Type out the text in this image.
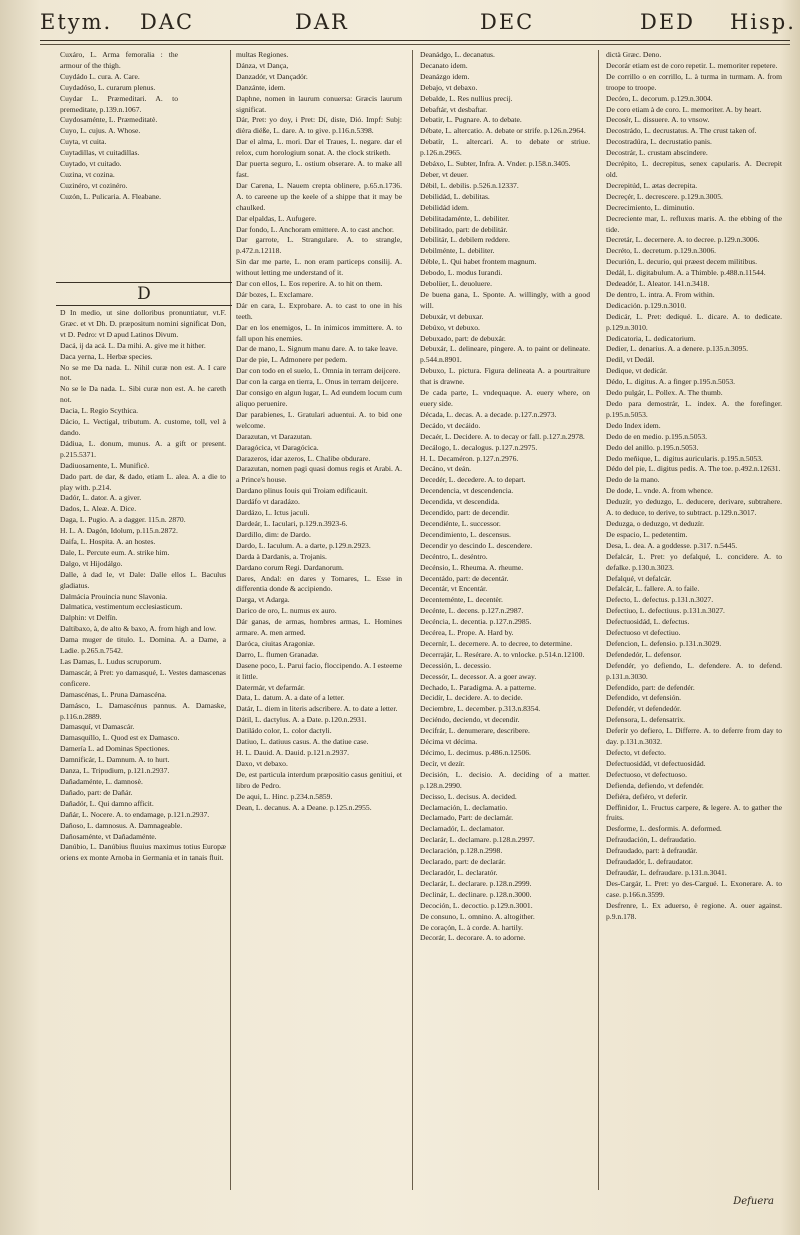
Etym. DAC	DAR	DEC	DED Hisp.

Cuxáro, L. Arma femoralia : the armour of the thigh.

Cuydádo L. cura. A. Care.

Cuydadóso, L. curarum plenus.

Cuydar L. Præmeditari. A. to premeditate, p.139.n.1067.

Cuydosaménte, L. Præmeditatè.

Cuyo, L. cujus. A. Whose.

Cuyta, vt cuita.

Cuytadillas, vt cuitadillas.

Cuytado, vt cuitado.

Cuzina, vt cozina.

Cuzinéro, vt cozinéro.

Cuzón, L. Pulicaria. A. Fleabane.

D

D In medio, ut sine dolloribus pronuntiatur, vt.F. Græc. et vt Dh. D. præpositum nomini significat Don, vt D. Pedro: vt D apud Latinos Divum.

Dacá, ij da acá. L. Da mihi. A. give me it hither.

Daca yerna, L. Herbæ species.

No se me Da nada. L. Nihil curæ non est. A. I care not.

No se le Da nada. L. Sibi curæ non est. A. he careth not.

Dacia, L. Regio Scythica.

Dácio, L. Vectigal, tributum. A. custome, toll, vel à dando.

Dádiua, L. donum, munus. A. a gift or present. p.215.5371.

Dadiuosamente, L. Munificè.

Dado part. de dar, & dado, etiam L. alea. A. a die to play with. p.214.

Dadór, L. dator. A. a giver.

Dados, L. Aleæ. A. Dice.

Daga, L. Pugio. A. a dagger. 115.n. 2870.

H. L. A. Dagón, Idolum, p.115.n.2872.

Daifa, L. Hospita. A. an hostes.

Dale, L. Percute eum. A. strike him.

Dalgo, vt Hijodálgo.

Dalle, à dad le, vt Dale: Dalle ellos L. Baculus gladiatus.

Dalmácia Prouincia nunc Slavonia.

Dalmatica, vestimentum ecclesiasticum.

Dalphin: vt Delfín.

Daltibaxo, à, de alto & baxo, A. from high and low.

Dama muger de titulo. L. Domina. A. a Dame, a Ladie. p.265.n.7542.

Las Damas, L. Ludus scruporum.

Damascár, à Pret: yo damasqué, L. Vestes damascenas conficere.

Damascénas, L. Pruna Damascéna.

Damásco, L. Damascénus pannus. A. Damaske, p.116.n.2889.

Damasquí, vt Damascár.

Damasquíllo, L. Quod est ex Damasco.

Damería L. ad Dominas Spectiones.

Damnificár, L. Damnum. A. to hurt.

Danza, L. Tripudium, p.121.n.2937.

Dañadaménte, L. damnosè.

Dañado, part: de Dañár.

Dañadór, L. Qui damno afficit.

Dañár, L. Nocere. A. to endamage, p.121.n.2937.

Dañoso, L. damnosus. A. Damnageable.

Dañosaménte, vt Dañadaménte.

Danúbio, L. Danúbius fluuius maximus totius Europæ oriens ex monte Arnoba in Germania et in tanais fluit.

multas Regiones.

Dánza, vt Dança,

Danzadór, vt Dançadór.

Danzánte, idem.

Daphne, nomen in laurum conuersa: Græcis laurum significat.

Dár, Pret: yo doy, i Pret: Dí, diste, Dió. Impf: Subj: dièra diéße, L. dare. A. to give. p.116.n.5398.

Dar el alma, L. mori. Dar el Traues, L. negare. dar el relox, cum horologium sonat. A. the clock striketh.

Dar puerta seguro, L. ostium obserare. A. to make all fast.

Dar Carena, L. Nauem crepta oblinere, p.65.n.1736. A. to careene up the keele of a shippe that it may be chaulked.

Dar elpaldas, L. Aufugere.

Dar fondo, L. Anchoram emittere. A. to cast anchor.

Dar garrote, L. Strangulare. A. to strangle, p.472.n.12118.

Sin dar me parte, L. non eram particeps consilij. A. without letting me understand of it.

Dar con ellos, L. Eos reperire. A. to hit on them.

Dár bozes, L. Exclamare.

Dár en cara, L. Exprobare. A. to cast to one in his teeth.

Dar en los enemigos, L. In inimicos immittere. A. to fall upon his enemies.

Dar de mano, L. Signum manu dare. A. to take leave.

Dar de pie, L. Admonere per pedem.

Dar con todo en el suelo, L. Omnia in terram deijcere.

Dar con la carga en tierra, L. Onus in terram deijcere.

Dar consigo en algun lugar, L. Ad eundem locum cum aliquo peruenire.

Dar parabienes, L. Gratulari aduentui. A. to bid one welcome.

Darazutan, vt Darazutan.

Daragócica, vt Daragócica.

Darazeros, idar azeros, L. Chalibe obdurare.

Darazutan, nomen pagi quasi domus regis et Arabi. A. a Prince's house.

Dardano plinus Iouis qui Troiam edificauit.

Dardáfo vt daradázo.

Dardázo, L. Ictus jaculi.

Dardeár, L. Iaculari, p.129.n.3923-6.

Dardillo, dim: de Dardo.

Dardo, L. Iaculum. A. a darte, p.129.n.2923.

Darda à Dardanis, a. Trojanis.

Dardano corum Regi. Dardanorum.

Dares, Andal: en dares y Tomares, L. Esse in differentia donde & accipiendo.

Darga, vt Adarga.

Darico de oro, L. numus ex auro.

Dár ganas, de armas, hombres armas, L. Homines armare. A. men armed.

Daróca, ciuitas Aragoniæ.

Darro, L. flumen Granadæ.

Dasene poco, L. Parui facio, floccipendo. A. I esteeme it little.

Datermár, vt defarmár.

Data, L. datum. A. a date of a letter.

Datár, L. diem in literis adscribere. A. to date a letter.

Dátil, L. dactylus. A. a Date. p.120.n.2931.

Datiládo color, L. color dactyli.

Datiuo, L. datiuus casus. A. the datiue case.

H. L. Dauid. A. Dauid. p.121.n.2937.

Daxo, vt debaxo.

De, est particula interdum præpositio casus genitiui, et libro de Pedro.

De aqui, L. Hinc. p.234.n.5859.

Dean, L. decanus. A. a Deane. p.125.n.2955.

Deanádgo, L. decanatus.

Decanato idem.

Deanázgo idem.

Debajo, vt debaxo.

Debalde, L. Res nullius precij.

Debaftár, vt desbaftar.

Debatir, L. Pugnare. A. to debate.

Débate, L. altercatio. A. debate or strife. p.126.n.2964.

Debatír, L. altercari. A. to debate or striue. p.126.n.2965.

Debáxo, L. Subter, Infra. A. Vnder. p.158.n.3405.

Deber, vt deuer.

Débil, L. debilis. p.526.n.12337.

Debilidád, L. debilitas.

Debilidád idem.

Debilitadaménte, L. debiliter.

Debilitado, part: de debilitár.

Debilitár, L. debilem reddere.

Debilménte, L. debiliter.

Déble, L. Qui habet frontem magnum.

Debodo, L. modus Iurandi.

Debolüer, L. deuoluere.

De buena gana, L. Sponte. A. willingly, with a good will.

Debuxár, vt debuxar.

Debúxo, vt debuxo.

Debuxado, part: de debuxár.

Debuxár, L. delineare, pingere. A. to paint or delineate. p.544.n.8901.

Debuxo, L. pictura. Figura delineata A. a pourtraiture that is drawne.

De cada parte, L. vndequaque. A. euery where, on euery side.

Década, L. decas. A. a decade. p.127.n.2973.

Decádo, vt decáido.

Decaér, L. Decidere. A. to decay or fall. p.127.n.2978.

Decálogo, L. decalogus. p.127.n.2975.

H. L. Decaméron. p.127.n.2976.

Decáno, vt deán.

Decedér, L. decedere. A. to depart.

Decendencia, vt descendencia.

Decendida, vt descendida.

Decendído, part: de decendir.

Decendiénte, L. successor.

Decendimiento, L. descensus.

Decendir yo descindo L. descendere.

Decéntro, L. deséntro.

Decénsio, L. Rheuma. A. rheume.

Decentádo, part: de decentár.

Decentár, vt Encentár.

Decenteménte, L. decentèr.

Decénte, L. decens. p.127.n.2987.

Decéncia, L. decentia. p.127.n.2985.

Decérea, L. Prope. A. Hard by.

Decernír, L. decernere. A. to decree, to determine.

Decerrajár, L. Resérare. A. to vnlocke. p.514.n.12100.

Decessión, L. decessio.

Decessór, L. decessor. A. a goer away.

Dechado, L. Paradigma. A. a patterne.

Decidír, L. decidere. A. to decide.

Deciembre, L. december. p.313.n.8354.

Deciéndo, deciendo, vt decendir.

Decifrár, L. denumerare, describere.

Décima vt décima.

Décimo, L. decimus. p.486.n.12506.

Decír, vt dezír.

Decisión, L. decisio. A. deciding of a matter. p.128.n.2990.

Decisso, L. decisus. A. decided.

Declamación, L. declamatio.

Declamado, Part: de declamár.

Declamadór, L. declamator.

Declarár, L. declamare. p.128.n.2997.

Declaración, p.128.n.2998.

Declarado, part: de declarár.

Declaradór, L. declaratór.

Declarár, L. declarare. p.128.n.2999.

Declinár, L. declinare. p.128.n.3000.

Decoción, L. decoctio. p.129.n.3001.

De consuno, L. omnino. A. altogither.

De coraçón, L. à corde. A. hartily.

Decorár, L. decorare. A. to adorne.

dictà Græc. Deno.

Decorár etiam est de coro repetir. L. memoriter repetere.

De corrillo o en corrillo, L. à turma in turmam. A. from troope to troope.

Decóro, L. decorum. p.129.n.3004.

De coro etiam à de coro. L. memoriter. A. by heart.

Decosér, L. dissuere. A. to vnsow.

Decostrádo, L. decrustatus. A. The crust taken of.

Decostradúra, L. decrustatio panis.

Decostrár, L. crustam abscindere.

Decrépito, L. decrepitus, senex capularis. A. Decrepit old.

Decrepitúd, L. ætas decrepita.

Decreçér, L. decrescere. p.129.n.3005.

Decrecimiento, L. diminutio.

Decreciente mar, L. refluxus maris. A. the ebbing of the tide.

Decretár, L. decernere. A. to decree. p.129.n.3006.

Decréto, L. decretum. p.129.n.3006.

Decurión, L. decurio, qui præest decem militibus.

Dedál, L. digitabulum. A. a Thimble. p.488.n.11544.

Dedeadór, L. Aleator. 141.n.3418.

De dentro, L. intra. A. From within.

Dedicación. p.129.n.3010.

Dedicár, L. Pret: dediqué. L. dicare. A. to dedicate. p.129.n.3010.

Dedicatoria, L. dedicatorium.

Dedier, L. denarius. A. a denere. p.135.n.3095.

Dedil, vt Dedál.

Dedique, vt dedicár.

Dédo, L. digitus. A. a finger p.195.n.5053.

Dedo pulgár, L. Pollex. A. The thumb.

Dedo para demostrár, L. index. A. the forefinger. p.195.n.5053.

Dedo Index idem.

Dedo de en medio. p.195.n.5053.

Dedo del anillo. p.195.n.5053.

Dedo meñique, L. digitus auricularis. p.195.n.5053.

Dédo del pie, L. digitus pedis. A. The toe. p.492.n.12631.

Dedo de la mano.

De dode, L. vnde. A. from whence.

Deduzír, yo deduzgo, L. deducere, derivare, subtrahere. A. to deduce, to derive, to subtract. p.129.n.3017.

Deduzga, o deduzgo, vt deduzír.

De espacio, L. pedetentim.

Desa, L. dea. A. a goddesse. p.317. n.5445.

Defalcár, L. Pret: yo defalqué, L. concidere. A. to defalke. p.130.n.3023.

Defalqué, vt defalcár.

Defalcár, L. fallere. A. to faile.

Defecto, L. defectus. p.131.n.3027.

Defectiuo, L. defectiuus. p.131.n.3027.

Defectuosidád, L. defectus.

Defectuoso vt defectiuo.

Defencion, L. defensio. p.131.n.3029.

Defendedór, L. defensor.

Defendér, yo defiendo, L. defendere. A. to defend. p.131.n.3030.

Defendído, part: de defendér.

Defendido, vt defensión.

Defendér, vt defendedór.

Defensora, L. defensatrix.

Deferír yo defiero, L. Differre. A. to deferre from day to day. p.131.n.3032.

Defecto, vt defecto.

Defectuosidád, vt defectuosidád.

Defectuoso, vt defectuoso.

Defienda, defiendo, vt defendér.

Defiéra, defiéro, vt deferír.

Deffinidor, L. Fructus carpere, & legere. A. to gather the fruits.

Desforme, L. desformis. A. deformed.

Defraudación, L. defraudatio.

Defraudado, part: à defraudár.

Defraudadór, L. defraudator.

Defraudár, L. defraudare. p.131.n.3041.

Des-Cargár, L. Pret: yo des-Cargué. L. Exonerare. A. to case. p.166.n.3599.

Desfrenre, L. Ex aduerso, è regione. A. ouer against. p.9.n.178.

Defuera
